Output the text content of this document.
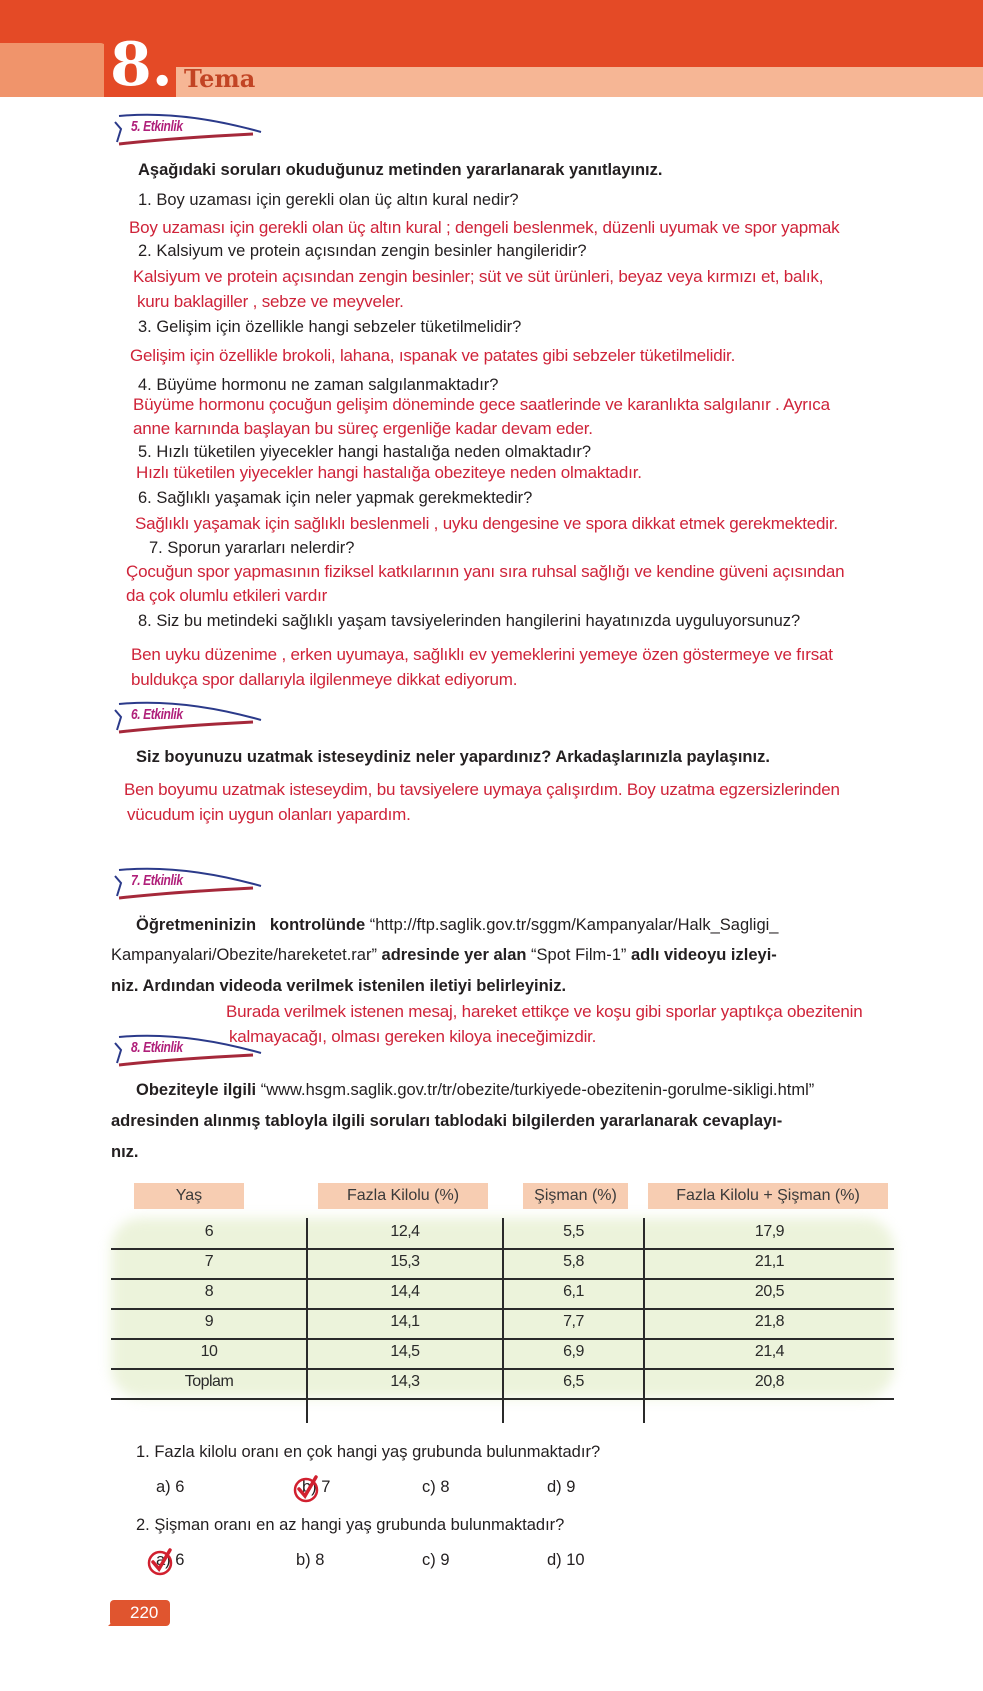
8. Tema
5. Etkinlik
Aşağıdaki soruları okuduğunuz metinden yararlanarak yanıtlayınız.
1. Boy uzaması için gerekli olan üç altın kural nedir?
Boy uzaması için gerekli olan üç altın kural ; dengeli beslenmek, düzenli uyumak ve spor yapmak
2. Kalsiyum ve protein açısından zengin besinler hangileridir?
Kalsiyum ve protein açısından zengin besinler; süt ve süt ürünleri, beyaz veya kırmızı et, balık,
kuru baklagiller , sebze ve meyveler.
3. Gelişim için özellikle hangi sebzeler tüketilmelidir?
Gelişim için özellikle brokoli, lahana, ıspanak ve patates gibi sebzeler tüketilmelidir.
4. Büyüme hormonu ne zaman salgılanmaktadır?
Büyüme hormonu çocuğun gelişim döneminde gece saatlerinde ve karanlıkta salgılanır . Ayrıca
anne karnında başlayan bu süreç ergenliğe kadar devam eder.
5. Hızlı tüketilen yiyecekler hangi hastalığa neden olmaktadır?
Hızlı tüketilen yiyecekler hangi hastalığa obeziteye neden olmaktadır.
6. Sağlıklı yaşamak için neler yapmak gerekmektedir?
Sağlıklı yaşamak için sağlıklı beslenmeli , uyku dengesine ve spora dikkat etmek gerekmektedir.
7. Sporun yararları nelerdir?
Çocuğun spor yapmasının fiziksel katkılarının yanı sıra ruhsal sağlığı ve kendine güveni açısından
da çok olumlu etkileri vardır
8. Siz bu metindeki sağlıklı yaşam tavsiyelerinden hangilerini hayatınızda uyguluyorsunuz?
Ben uyku düzenime , erken uyumaya, sağlıklı ev yemeklerini yemeye özen göstermeye ve fırsat
buldukça spor dallarıyla ilgilenmeye dikkat ediyorum.
6. Etkinlik
Siz boyunuzu uzatmak isteseydiniz neler yapardınız? Arkadaşlarınızla paylaşınız.
Ben boyumu uzatmak isteseydim, bu tavsiyelere uymaya çalışırdım. Boy uzatma egzersizlerinden
vücudum için uygun olanları yapardım.
7. Etkinlik
Öğretmeninizin   kontrolünde “http://ftp.saglik.gov.tr/sggm/Kampanyalar/Halk_Sagligi_
Kampanyalari/Obezite/hareketet.rar” adresinde yer alan “Spot Film-1” adlı videoyu izleyi-
niz. Ardından videoda verilmek istenilen iletiyi belirleyiniz.
Burada verilmek istenen mesaj, hareket ettikçe ve koşu gibi sporlar yaptıkça obezitenin
kalmayacağı, olması gereken kiloya ineceğimizdir.
8. Etkinlik
Obeziteyle ilgili “www.hsgm.saglik.gov.tr/tr/obezite/turkiyede-obezitenin-gorulme-sikligi.html”
adresinden alınmış tabloyla ilgili soruları tablodaki bilgilerden yararlanarak cevaplayı-
nız.
Yaş	Fazla Kilolu (%)	Şişman (%)	Fazla Kilolu + Şişman (%)
6	12,4	5,5	17,9
7	15,3	5,8	21,1
8	14,4	6,1	20,5
9	14,1	7,7	21,8
10	14,5	6,9	21,4
Toplam	14,3	6,5	20,8
1. Fazla kilolu oranı en çok hangi yaş grubunda bulunmaktadır?
a) 6	b) 7	c) 8	d) 9
2. Şişman oranı en az hangi yaş grubunda bulunmaktadır?
a) 6	b) 8	c) 9	d) 10
220
